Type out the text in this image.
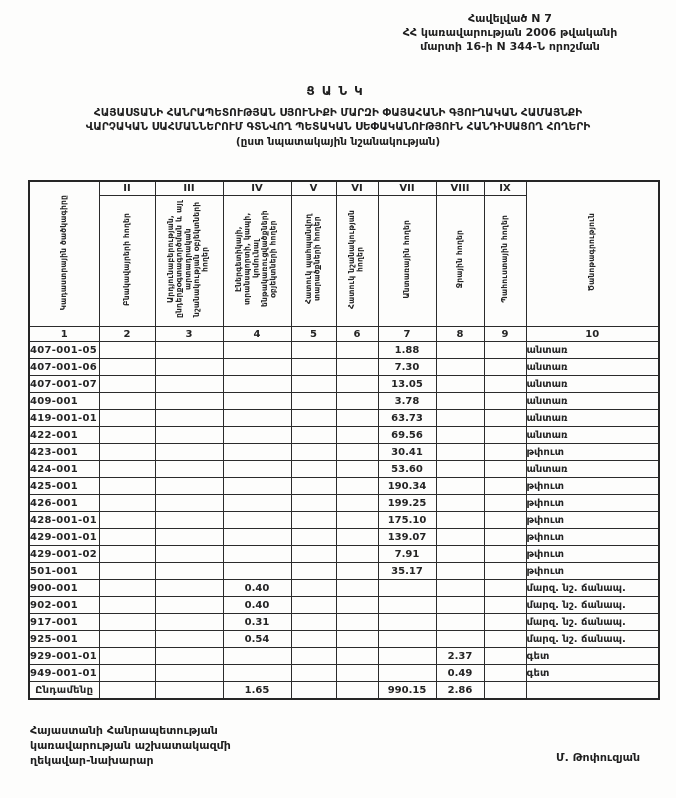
Հավելված N 7
ՀՀ կառավարության 2006 թվականի
մարտի 16-ի N 344-Ն որոշման
ՑԱՆԿ
ՀԱՅԱՍՏԱՆԻ ՀԱՆՐԱՊԵՏՈՒԹՅԱՆ ՍՅՈՒՆԻՔԻ ՄԱՐԶԻ ՓԱՅԱՀԱՆԻ ԳՅՈՒՂԱԿԱՆ ՀԱՄԱՅՆՔԻ
ՎԱՐՉԱԿԱՆ ՍԱՀՄԱՆՆԵՐՈՒՄ ԳՏՆՎՈՂ ՊԵՏԱԿԱՆ ՍԵՓԱԿԱՆՈՒԹՅՈՒՆ ՀԱՆԴԻՍԱՑՈՂ ՀՈՂԵՐԻ
(ըստ նպատակային նշանակության)
Կադաստրային ծածկագիրը	II	III	IV	V	VI	VII	VIII	IX	Ծանոթագրություն
	Բնակավայրերի հողեր	Արդյունաբերության, ընդերքօգտագործման և այլ արտադրական նշանակության օբյեկտների հողեր	Էներգետիկայի, տրանսպորտի, կապի, կոմունալ ենթակառուցվածքների օբյեկտների հողեր	Հատուկ պահպանվող տարածքների հողեր	Հատուկ նշանակության հողեր	Անտառային հողեր	Ջրային հողեր	Պահուստային հողեր	
1	2	3	4	5	6	7	8	9	10
407-001-05						1.88			անտառ
407-001-06						7.30			անտառ
407-001-07						13.05			անտառ
409-001						3.78			անտառ
419-001-01						63.73			անտառ
422-001						69.56			անտառ
423-001						30.41			թփուտ
424-001						53.60			անտառ
425-001						190.34			թփուտ
426-001						199.25			թփուտ
428-001-01						175.10			թփուտ
429-001-01						139.07			թփուտ
429-001-02						7.91			թփուտ
501-001						35.17			թփուտ
900-001			0.40						մարզ. նշ. ճանապ.
902-001			0.40						մարզ. նշ. ճանապ.
917-001			0.31						մարզ. նշ. ճանապ.
925-001			0.54						մարզ. նշ. ճանապ.
929-001-01							2.37		գետ
949-001-01							0.49		գետ
Ընդամենը			1.65			990.15	2.86		
Հայաստանի Հանրապետության
կառավարության աշխատակազմի
ղեկավար-նախարար	Մ. Թոփուզյան
